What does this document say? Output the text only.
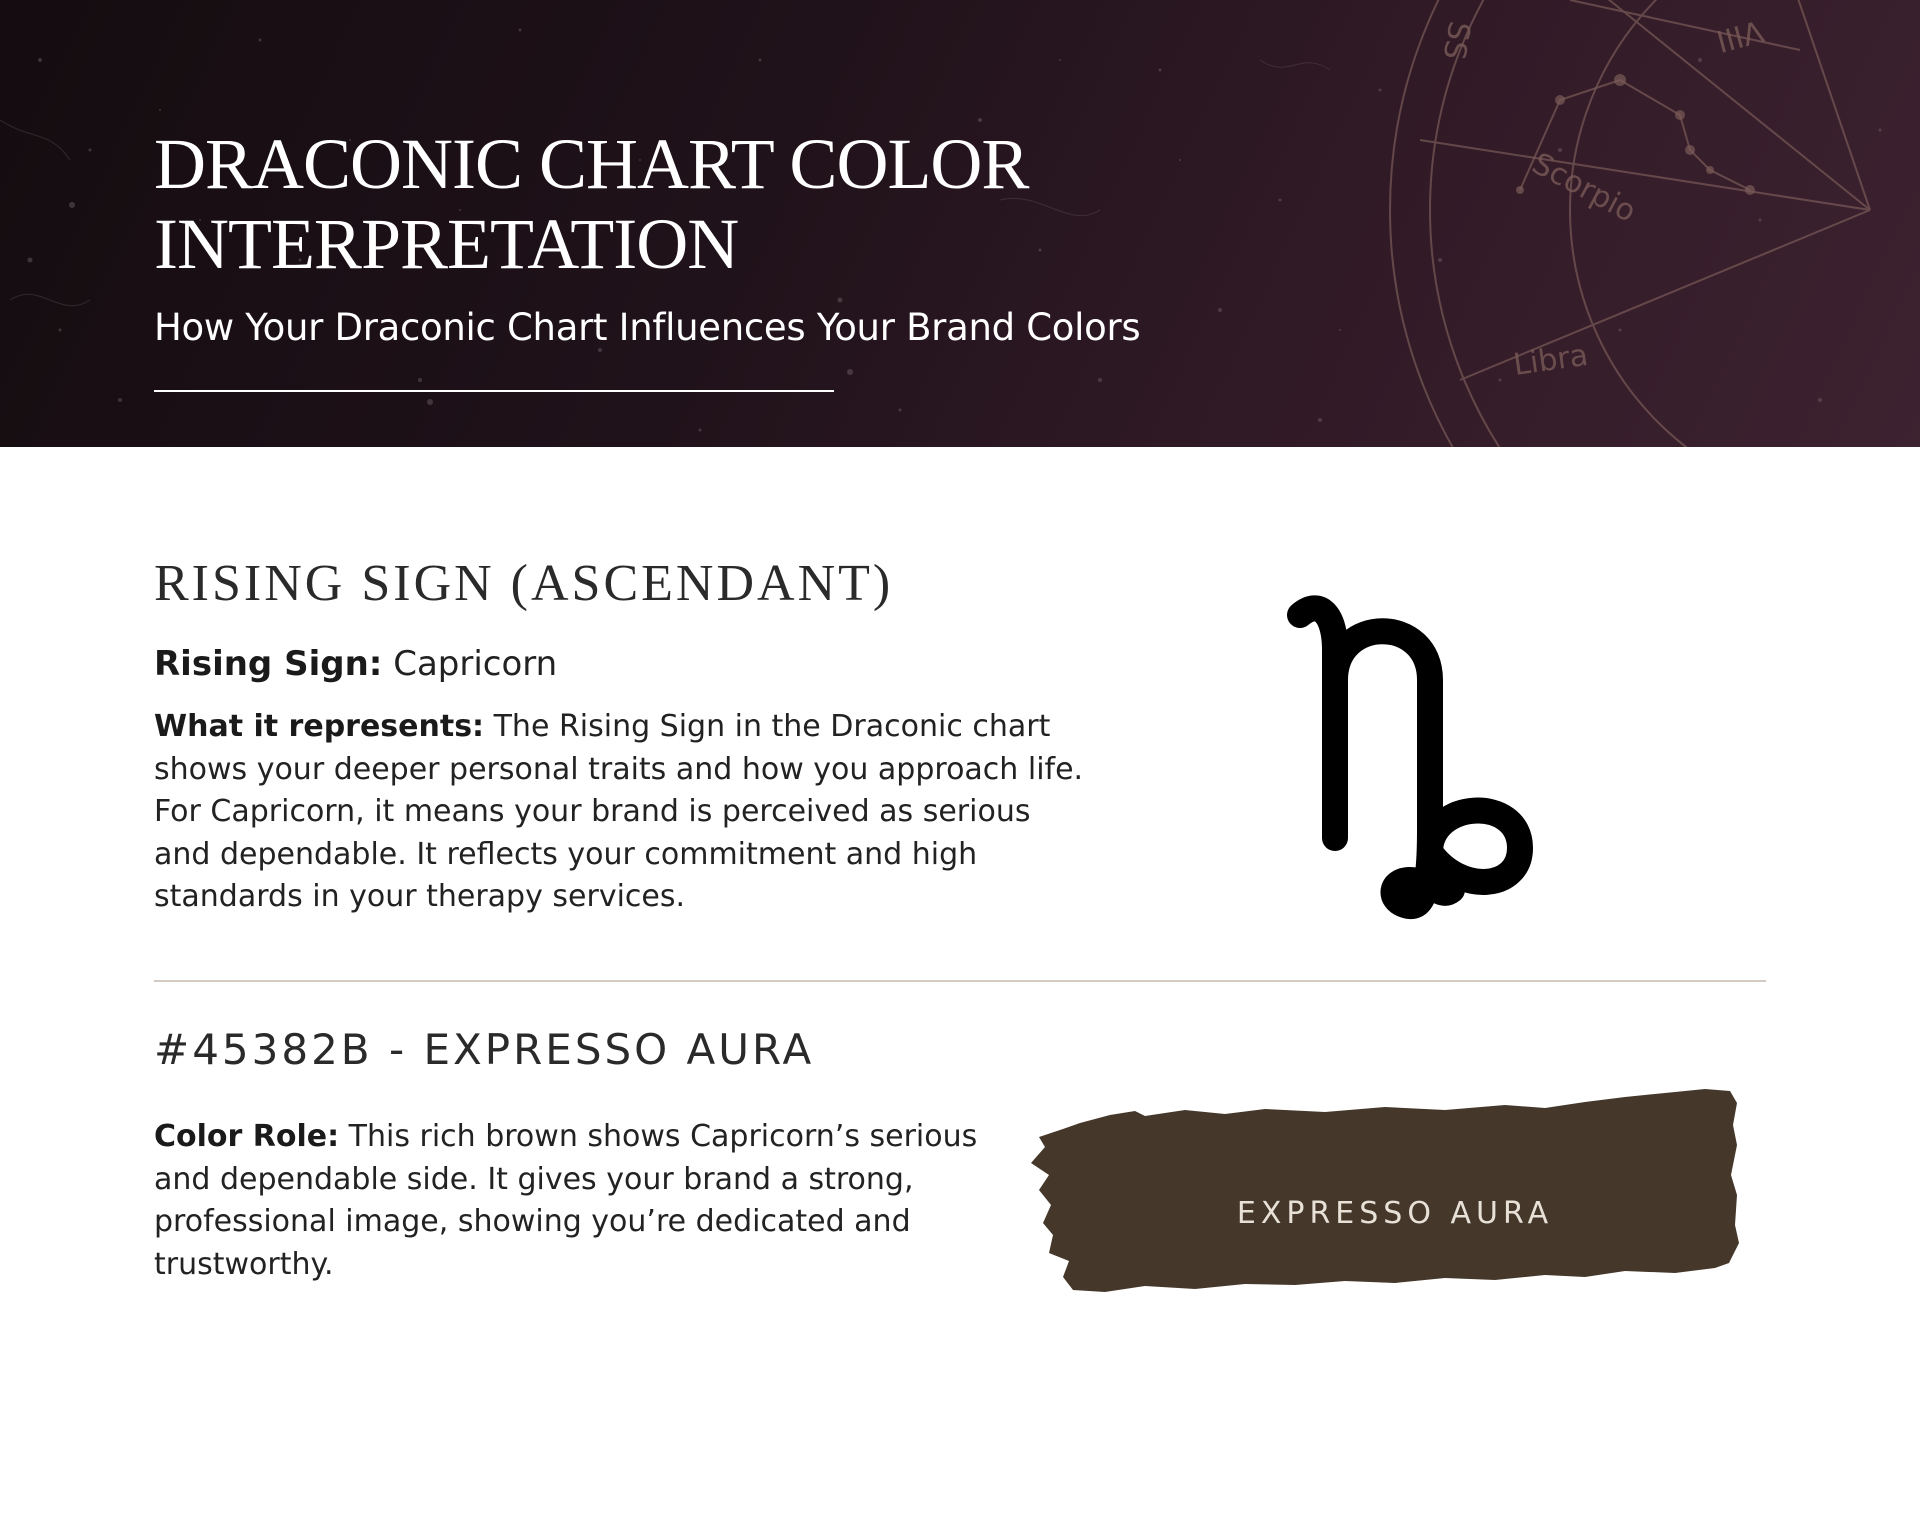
Scorpio
Libra
SS	VIII
DRACONIC CHART COLOR
INTERPRETATION
How Your Draconic Chart Influences Your Brand Colors
RISING SIGN (ASCENDANT)
Rising Sign: Capricorn
What it represents: The Rising Sign in the Draconic chart shows your deeper personal traits and how you approach life. For Capricorn, it means your brand is perceived as serious and dependable. It reflects your commitment and high standards in your therapy services.
#45382B - EXPRESSO AURA
Color Role: This rich brown shows Capricorn’s serious and dependable side. It gives your brand a strong, professional image, showing you’re dedicated and trustworthy.
EXPRESSO AURA
